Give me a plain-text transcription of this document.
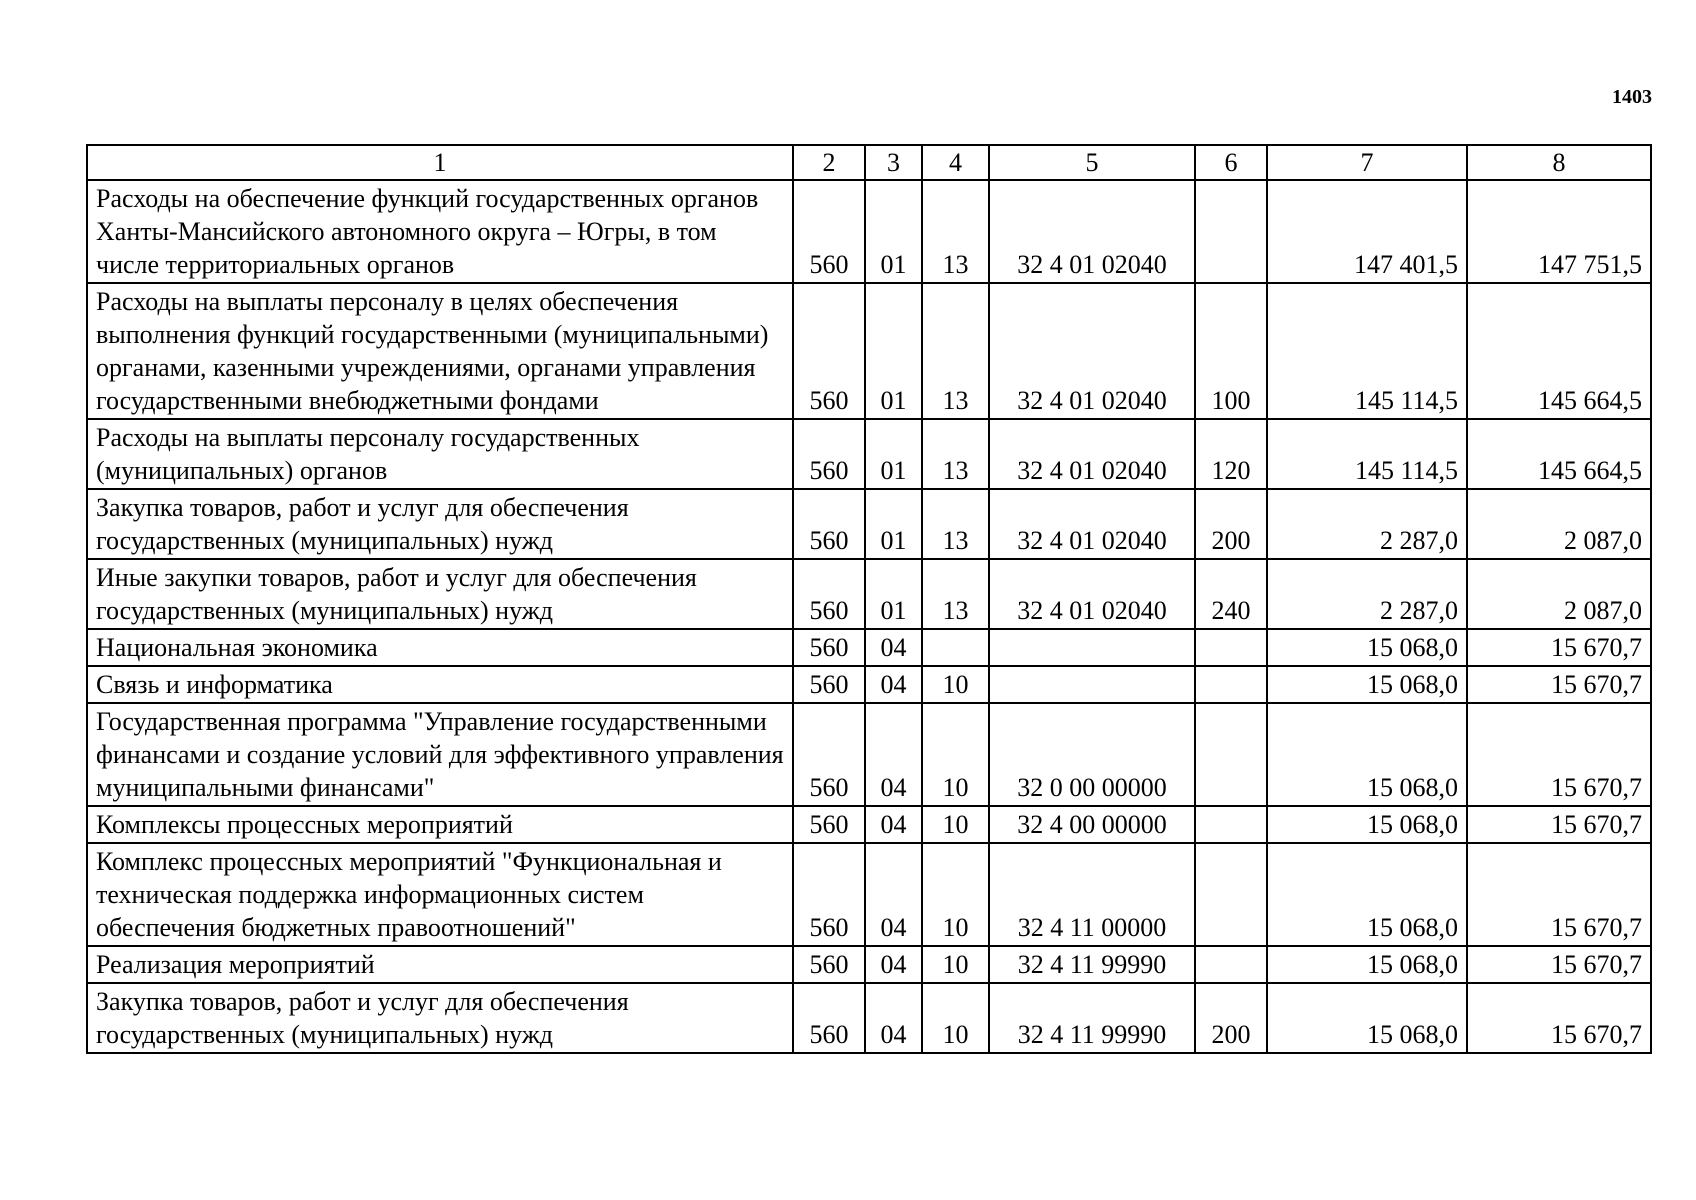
1403
1	2	3	4	5	6	7	8
Расходы на обеспечение функций государственных органов Ханты-Мансийского автономного округа – Югры, в том числе территориальных органов	560	01	13	32 4 01 02040		147 401,5	147 751,5
Расходы на выплаты персоналу в целях обеспечения выполнения функций государственными (муниципальными) органами, казенными учреждениями, органами управления государственными внебюджетными фондами	560	01	13	32 4 01 02040	100	145 114,5	145 664,5
Расходы на выплаты персоналу государственных (муниципальных) органов	560	01	13	32 4 01 02040	120	145 114,5	145 664,5
Закупка товаров, работ и услуг для обеспечения государственных (муниципальных) нужд	560	01	13	32 4 01 02040	200	2 287,0	2 087,0
Иные закупки товаров, работ и услуг для обеспечения государственных (муниципальных) нужд	560	01	13	32 4 01 02040	240	2 287,0	2 087,0
Национальная экономика	560	04				15 068,0	15 670,7
Связь и информатика	560	04	10			15 068,0	15 670,7
Государственная программа "Управление государственными финансами и создание условий для эффективного управления муниципальными финансами"	560	04	10	32 0 00 00000		15 068,0	15 670,7
Комплексы процессных мероприятий	560	04	10	32 4 00 00000		15 068,0	15 670,7
Комплекс процессных мероприятий "Функциональная и техническая поддержка информационных систем обеспечения бюджетных правоотношений"	560	04	10	32 4 11 00000		15 068,0	15 670,7
Реализация мероприятий	560	04	10	32 4 11 99990		15 068,0	15 670,7
Закупка товаров, работ и услуг для обеспечения государственных (муниципальных) нужд	560	04	10	32 4 11 99990	200	15 068,0	15 670,7
